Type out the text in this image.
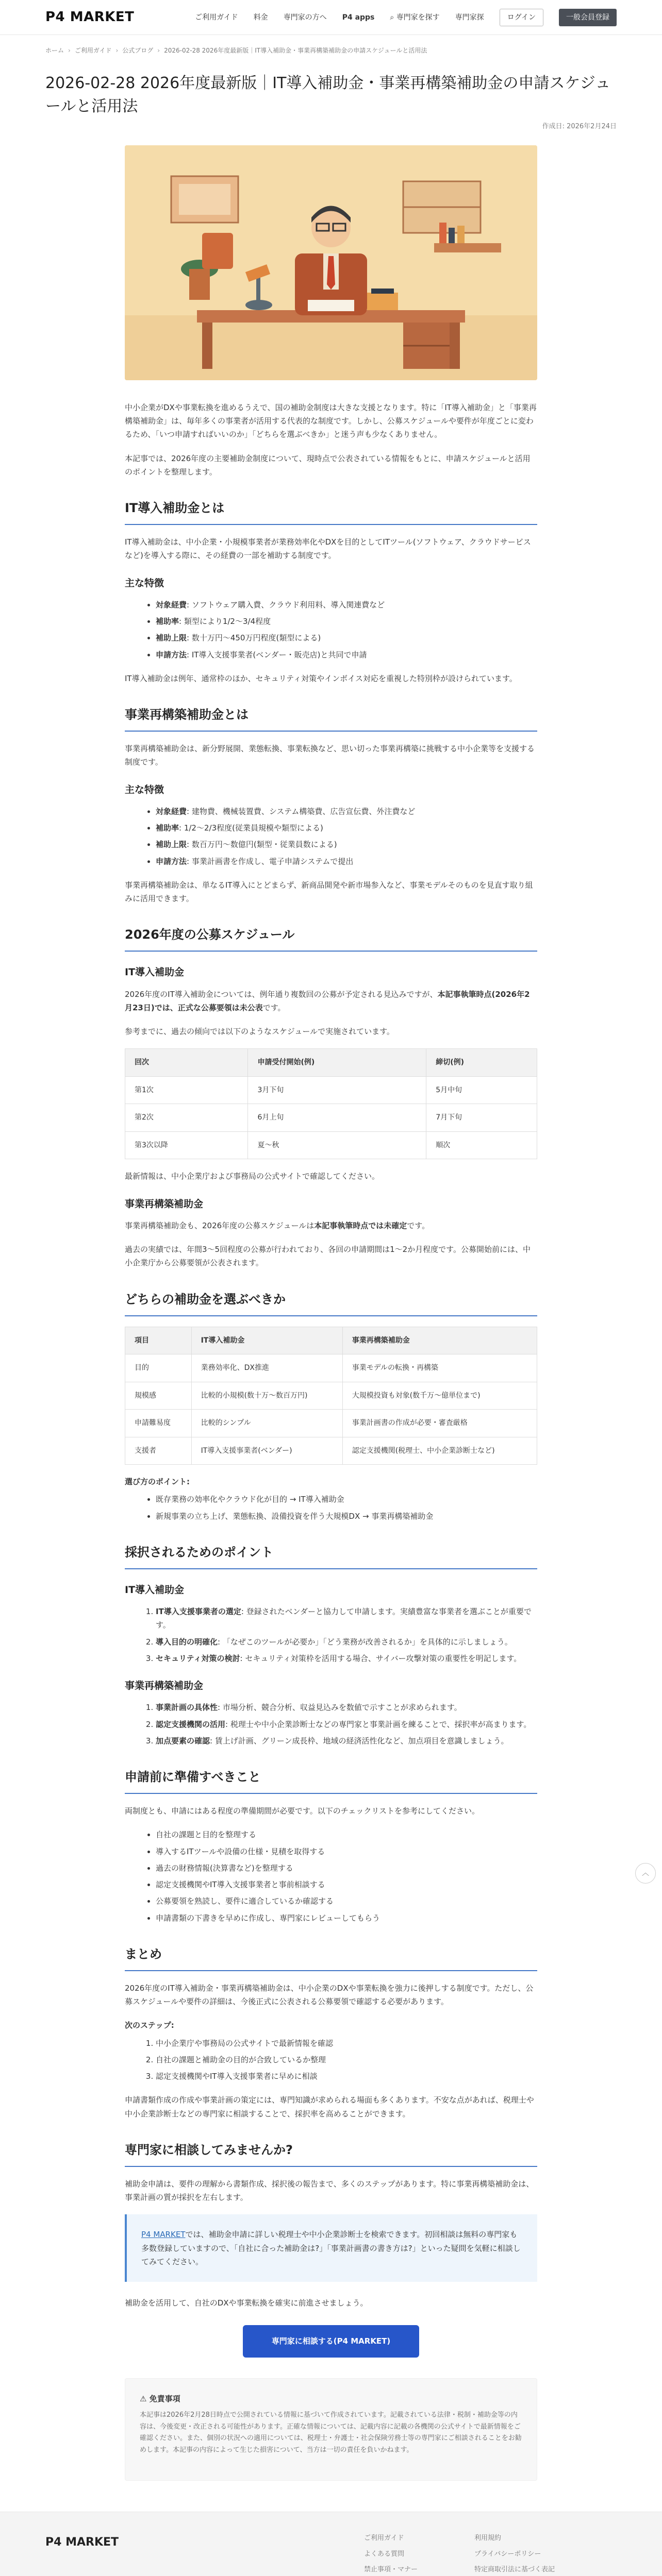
P4 MARKET	ご利用ガイド 料金 専門家の方へ P4 apps ⌕ 専門家を探す 専門家探	ログイン	一般会員登録
ホーム › ご利用ガイド › 公式ブログ › 2026-02-28 2026年度最新版｜IT導入補助金・事業再構築補助金の申請スケジュールと活用法
2026-02-28 2026年度最新版｜IT導入補助金・事業再構築補助金の申請スケジュールと活用法
作成日: 2026年2月24日

中小企業がDXや事業転換を進めるうえで、国の補助金制度は大きな支援となります。特に「IT導入補助金」と「事業再構築補助金」は、毎年多くの事業者が活用する代表的な制度です。しかし、公募スケジュールや要件が年度ごとに変わるため、「いつ申請すればいいのか」「どちらを選ぶべきか」と迷う声も少なくありません。

本記事では、2026年度の主要補助金制度について、現時点で公表されている情報をもとに、申請スケジュールと活用のポイントを整理します。

IT導入補助金とは

IT導入補助金は、中小企業・小規模事業者が業務効率化やDXを目的としてITツール(ソフトウェア、クラウドサービスなど)を導入する際に、その経費の一部を補助する制度です。

主な特徴
• 対象経費: ソフトウェア購入費、クラウド利用料、導入関連費など
• 補助率: 類型により1/2〜3/4程度
• 補助上限: 数十万円〜450万円程度(類型による)
• 申請方法: IT導入支援事業者(ベンダー・販売店)と共同で申請

IT導入補助金は例年、通常枠のほか、セキュリティ対策やインボイス対応を重視した特別枠が設けられています。

事業再構築補助金とは

事業再構築補助金は、新分野展開、業態転換、事業転換など、思い切った事業再構築に挑戦する中小企業等を支援する制度です。

主な特徴
• 対象経費: 建物費、機械装置費、システム構築費、広告宣伝費、外注費など
• 補助率: 1/2〜2/3程度(従業員規模や類型による)
• 補助上限: 数百万円〜数億円(類型・従業員数による)
• 申請方法: 事業計画書を作成し、電子申請システムで提出

事業再構築補助金は、単なるIT導入にとどまらず、新商品開発や新市場参入など、事業モデルそのものを見直す取り組みに活用できます。

2026年度の公募スケジュール
IT導入補助金

2026年度のIT導入補助金については、例年通り複数回の公募が予定される見込みですが、本記事執筆時点(2026年2月23日)では、正式な公募要領は未公表です。

参考までに、過去の傾向では以下のようなスケジュールで実施されています。

回次	申請受付開始(例)	締切(例)
第1次	3月下旬	5月中旬
第2次	6月上旬	7月下旬
第3次以降	夏〜秋	順次

最新情報は、中小企業庁および事務局の公式サイトで確認してください。

事業再構築補助金

事業再構築補助金も、2026年度の公募スケジュールは本記事執筆時点では未確定です。

過去の実績では、年間3〜5回程度の公募が行われており、各回の申請期間は1〜2か月程度です。公募開始前には、中小企業庁から公募要領が公表されます。

どちらの補助金を選ぶべきか
項目	IT導入補助金	事業再構築補助金
目的	業務効率化、DX推進	事業モデルの転換・再構築
規模感	比較的小規模(数十万〜数百万円)	大規模投資も対象(数千万〜億単位まで)
申請難易度	比較的シンプル	事業計画書の作成が必要・審査厳格
支援者	IT導入支援事業者(ベンダー)	認定支援機関(税理士、中小企業診断士など)

選び方のポイント:

• 既存業務の効率化やクラウド化が目的 → IT導入補助金
• 新規事業の立ち上げ、業態転換、設備投資を伴う大規模DX → 事業再構築補助金
採択されるためのポイント
IT導入補助金
1. IT導入支援事業者の選定: 登録されたベンダーと協力して申請します。実績豊富な事業者を選ぶことが重要です。
2. 導入目的の明確化: 「なぜこのツールが必要か」「どう業務が改善されるか」を具体的に示しましょう。
3. セキュリティ対策の検討: セキュリティ対策枠を活用する場合、サイバー攻撃対策の重要性を明記します。
事業再構築補助金
1. 事業計画の具体性: 市場分析、競合分析、収益見込みを数値で示すことが求められます。
2. 認定支援機関の活用: 税理士や中小企業診断士などの専門家と事業計画を練ることで、採択率が高まります。
3. 加点要素の確認: 賃上げ計画、グリーン成長枠、地域の経済活性化など、加点項目を意識しましょう。
申請前に準備すべきこと

両制度とも、申請にはある程度の準備期間が必要です。以下のチェックリストを参考にしてください。

• 自社の課題と目的を整理する
• 導入するITツールや設備の仕様・見積を取得する
• 過去の財務情報(決算書など)を整理する
• 認定支援機関やIT導入支援事業者と事前相談する
• 公募要領を熟読し、要件に適合しているか確認する
• 申請書類の下書きを早めに作成し、専門家にレビューしてもらう
まとめ

2026年度のIT導入補助金・事業再構築補助金は、中小企業のDXや事業転換を強力に後押しする制度です。ただし、公募スケジュールや要件の詳細は、今後正式に公表される公募要領で確認する必要があります。

次のステップ:

1. 中小企業庁や事務局の公式サイトで最新情報を確認
2. 自社の課題と補助金の目的が合致しているか整理
3. 認定支援機関やIT導入支援事業者に早めに相談

申請書類作成の作成や事業計画の策定には、専門知識が求められる場面も多くあります。不安な点があれば、税理士や中小企業診断士などの専門家に相談することで、採択率を高めることができます。

専門家に相談してみませんか?

補助金申請は、要件の理解から書類作成、採択後の報告まで、多くのステップがあります。特に事業再構築補助金は、事業計画の質が採択を左右します。

P4 MARKETでは、補助金申請に詳しい税理士や中小企業診断士を検索できます。初回相談は無料の専門家も多数登録していますので、「自社に合った補助金は?」「事業計画書の書き方は?」といった疑問を気軽に相談してみてください。

補助金を活用して、自社のDXや事業転換を確実に前進させましょう。

専門家に相談する(P4 MARKET)
⚠ 免責事項

本記事は2026年2月28日時点で公開されている情報に基づいて作成されています。記載されている法律・税制・補助金等の内容は、今後変更・改正される可能性があります。正確な情報については、記載内容に記載の各機関の公式サイトで最新情報をご確認ください。また、個別の状況への適用については、税理士・弁護士・社会保険労務士等の専門家にご相談されることをお勧めします。本記事の内容によって生じた損害について、当方は一切の責任を負いかねます。

P4 MARKET	ご利用ガイド
よくある質問
禁止事項・マナー
利用規約
プライバシーポリシー
特定商取引法に基づく表記
︿
